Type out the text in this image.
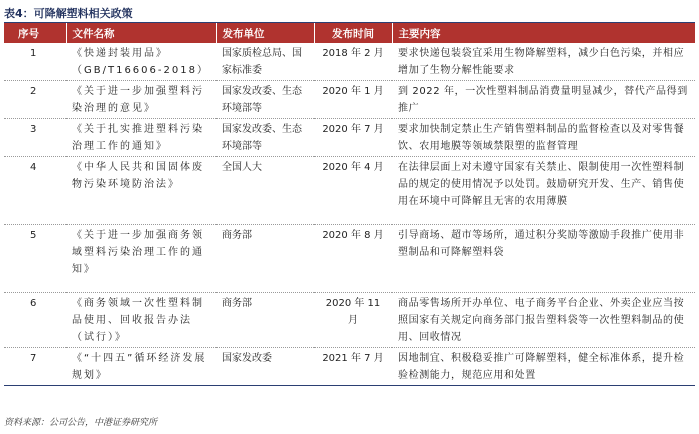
表4：可降解塑料相关政策
序号	文件名称	发布单位	发布时间	主要内容
1	《快递封装用品》（GB/T16606-2018）	国家质检总局、国家标准委	2018 年 2 月	要求快递包装袋宜采用生物降解塑料，减少白色污染，并相应增加了生物分解性能要求
2	《关于进一步加强塑料污染治理的意见》	国家发改委、生态环境部等	2020 年 1 月	到 2022 年，一次性塑料制品消费量明显减少，替代产品得到推广
3	《关于扎实推进塑料污染治理工作的通知》	国家发改委、生态环境部等	2020 年 7 月	要求加快制定禁止生产销售塑料制品的监督检查以及对零售餐饮、农用地膜等领域禁限塑的监督管理
4	《中华人民共和国固体废物污染环境防治法》	全国人大	2020 年 4 月	在法律层面上对未遵守国家有关禁止、限制使用一次性塑料制品的规定的使用情况予以处罚。鼓励研究开发、生产、销售使用在环境中可降解且无害的农用薄膜
5	《关于进一步加强商务领域塑料污染治理工作的通知》	商务部	2020 年 8 月	引导商场、超市等场所，通过积分奖励等激励手段推广使用非塑制品和可降解塑料袋
6	《商务领域一次性塑料制品使用、回收报告办法（试行）》	商务部	2020 年 11 月	商品零售场所开办单位、电子商务平台企业、外卖企业应当按照国家有关规定向商务部门报告塑料袋等一次性塑料制品的使用、回收情况
7	《“十四五”循环经济发展规划》	国家发改委	2021 年 7 月	因地制宜、积极稳妥推广可降解塑料，健全标准体系，提升检验检测能力，规范应用和处置
资料来源：公司公告，中港证券研究所
